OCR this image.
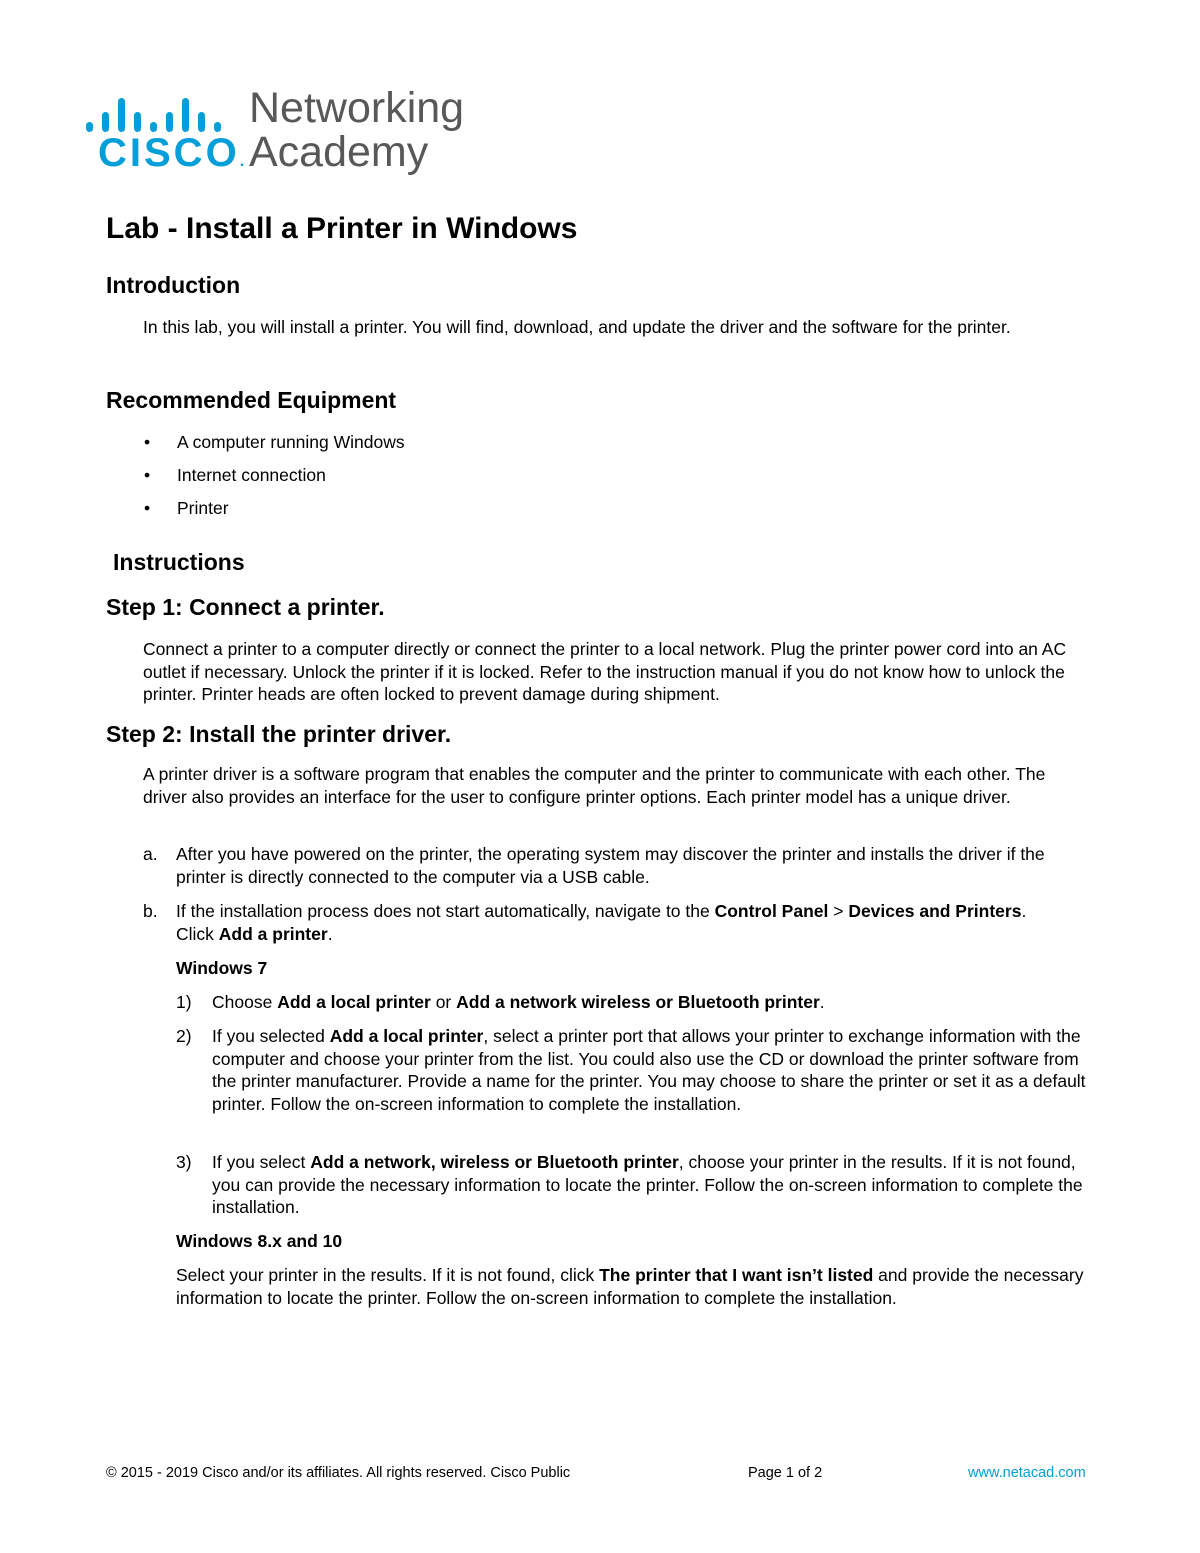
CISCO.
Networking
Academy
Lab - Install a Printer in Windows
Introduction
In this lab, you will install a printer. You will find, download, and update the driver and the software for the printer.
Recommended Equipment
• A computer running Windows
• Internet connection
• Printer
Instructions
Step 1: Connect a printer.
Connect a printer to a computer directly or connect the printer to a local network. Plug the printer power cord into an AC outlet if necessary. Unlock the printer if it is locked. Refer to the instruction manual if you do not know how to unlock the printer. Printer heads are often locked to prevent damage during shipment.
Step 2: Install the printer driver.
A printer driver is a software program that enables the computer and the printer to communicate with each other. The driver also provides an interface for the user to configure printer options. Each printer model has a unique driver.
a. After you have powered on the printer, the operating system may discover the printer and installs the driver if the printer is directly connected to the computer via a USB cable.
b. If the installation process does not start automatically, navigate to the Control Panel > Devices and Printers. Click Add a printer.
Windows 7
1) Choose Add a local printer or Add a network wireless or Bluetooth printer.
2) If you selected Add a local printer, select a printer port that allows your printer to exchange information with the computer and choose your printer from the list. You could also use the CD or download the printer software from the printer manufacturer. Provide a name for the printer. You may choose to share the printer or set it as a default printer. Follow the on-screen information to complete the installation.
3) If you select Add a network, wireless or Bluetooth printer, choose your printer in the results. If it is not found, you can provide the necessary information to locate the printer. Follow the on-screen information to complete the installation.
Windows 8.x and 10
Select your printer in the results. If it is not found, click The printer that I want isn’t listed and provide the necessary information to locate the printer. Follow the on-screen information to complete the installation.
© 2015 - 2019 Cisco and/or its affiliates. All rights reserved. Cisco Public	Page 1 of 2	www.netacad.com
